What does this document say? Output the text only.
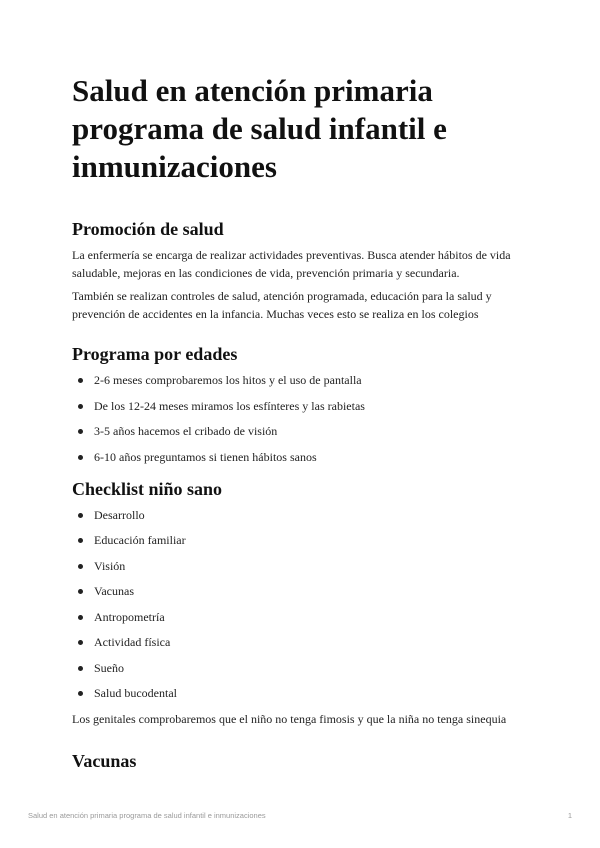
Salud en atención primaria programa de salud infantil e inmunizaciones
Promoción de salud

La enfermería se encarga de realizar actividades preventivas. Busca atender hábitos de vida saludable, mejoras en las condiciones de vida, prevención primaria y secundaria.

También se realizan controles de salud, atención programada, educación para la salud y prevención de accidentes en la infancia. Muchas veces esto se realiza en los colegios

Programa por edades
2-6 meses comprobaremos los hitos y el uso de pantalla
De los 12-24 meses miramos los esfínteres y las rabietas
3-5 años hacemos el cribado de visión
6-10 años preguntamos si tienen hábitos sanos
Checklist niño sano
Desarrollo
Educación familiar
Visión
Vacunas
Antropometría
Actividad física
Sueño
Salud bucodental

Los genitales comprobaremos que el niño no tenga fimosis y que la niña no tenga sinequia

Vacunas
Salud en atención primaria programa de salud infantil e inmunizaciones	1
